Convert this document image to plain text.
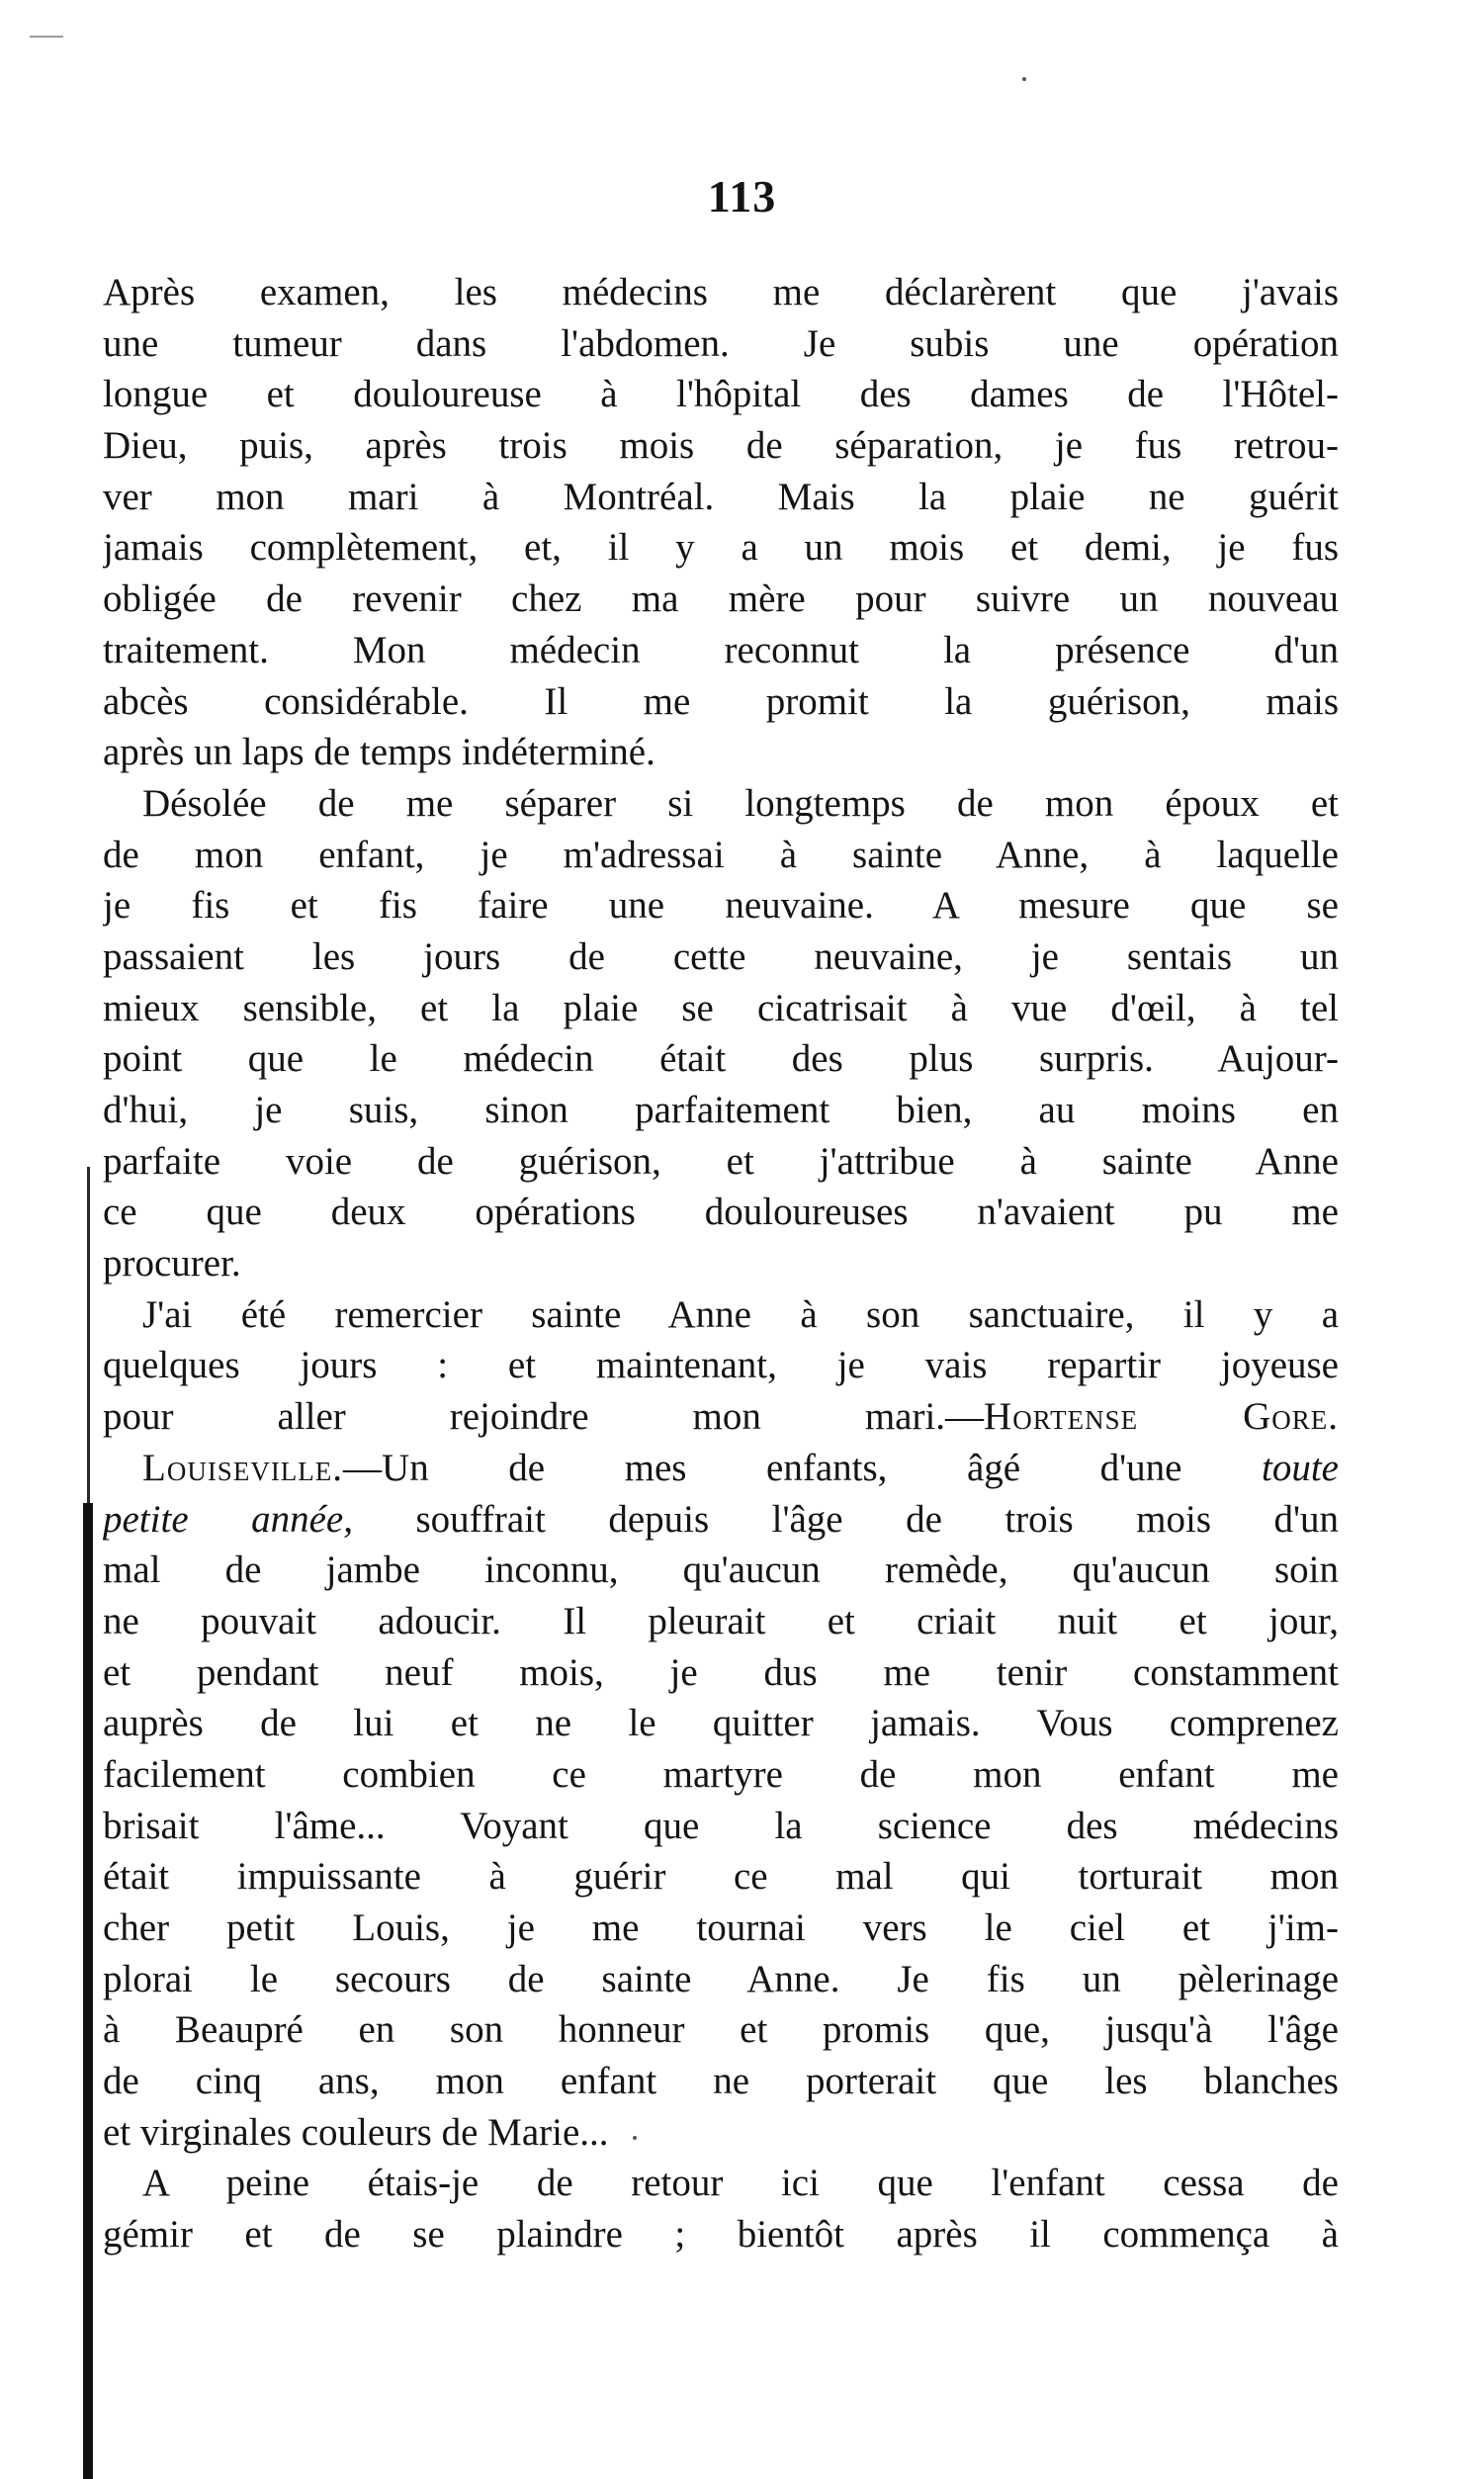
113
Après examen, les médecins me déclarèrent que j'avais
une tumeur dans l'abdomen. Je subis une opération
longue et douloureuse à l'hôpital des dames de l'Hôtel-
Dieu, puis, après trois mois de séparation, je fus retrou-
ver mon mari à Montréal. Mais la plaie ne guérit
jamais complètement, et, il y a un mois et demi, je fus
obligée de revenir chez ma mère pour suivre un nouveau
traitement. Mon médecin reconnut la présence d'un
abcès considérable. Il me promit la guérison, mais
après un laps de temps indéterminé.
Désolée de me séparer si longtemps de mon époux et
de mon enfant, je m'adressai à sainte Anne, à laquelle
je fis et fis faire une neuvaine. A mesure que se
passaient les jours de cette neuvaine, je sentais un
mieux sensible, et la plaie se cicatrisait à vue d'œil, à tel
point que le médecin était des plus surpris. Aujour-
d'hui, je suis, sinon parfaitement bien, au moins en
parfaite voie de guérison, et j'attribue à sainte Anne
ce que deux opérations douloureuses n'avaient pu me
procurer.
J'ai été remercier sainte Anne à son sanctuaire, il y a
quelques jours : et maintenant, je vais repartir joyeuse
pour aller rejoindre mon mari.—Hortense Gore.
Louiseville.—Un de mes enfants, âgé d'une toute
petite année, souffrait depuis l'âge de trois mois d'un
mal de jambe inconnu, qu'aucun remède, qu'aucun soin
ne pouvait adoucir. Il pleurait et criait nuit et jour,
et pendant neuf mois, je dus me tenir constamment
auprès de lui et ne le quitter jamais. Vous comprenez
facilement combien ce martyre de mon enfant me
brisait l'âme... Voyant que la science des médecins
était impuissante à guérir ce mal qui torturait mon
cher petit Louis, je me tournai vers le ciel et j'im-
plorai le secours de sainte Anne. Je fis un pèlerinage
à Beaupré en son honneur et promis que, jusqu'à l'âge
de cinq ans, mon enfant ne porterait que les blanches
et virginales couleurs de Marie...
A peine étais-je de retour ici que l'enfant cessa de
gémir et de se plaindre ; bientôt après il commença à
